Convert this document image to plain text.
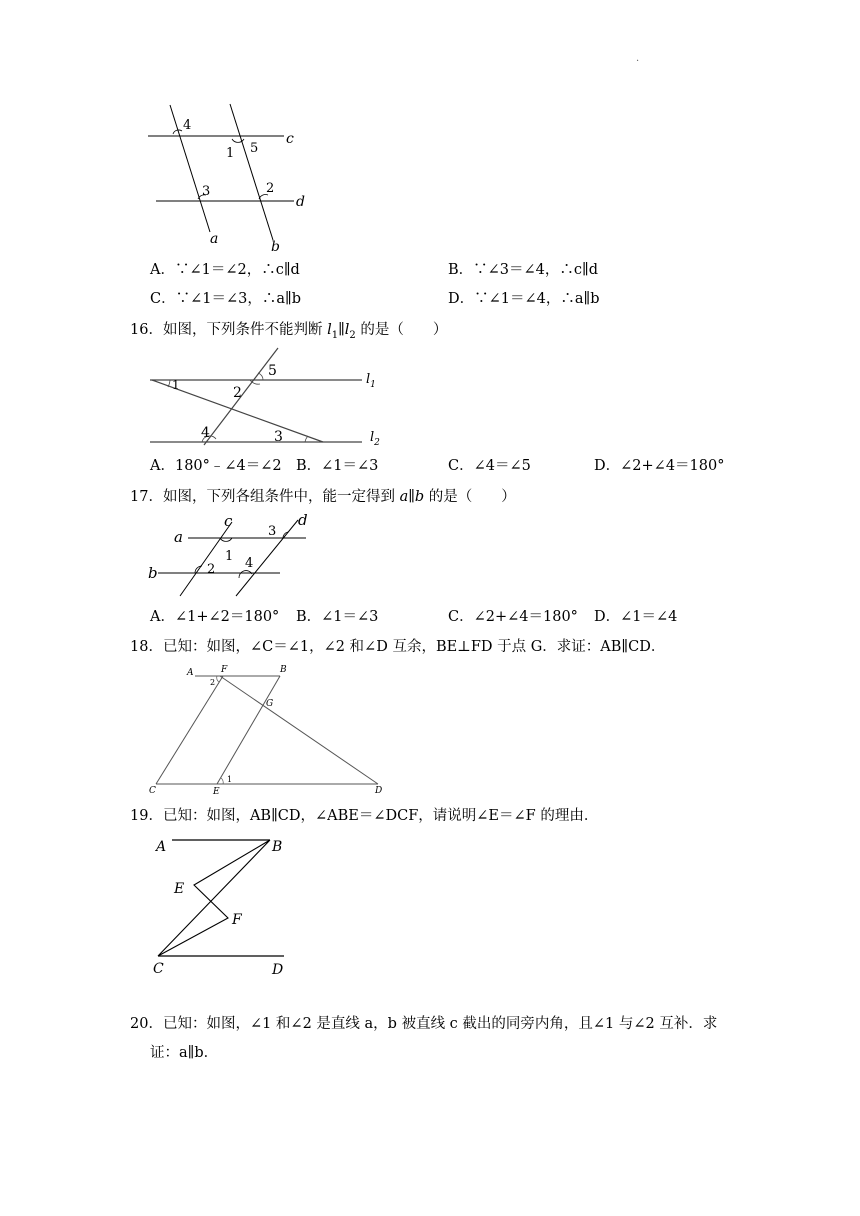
·
4
1 5
c
3	2
d
a	b
A．∵∠1＝∠2，∴c∥d	B．∵∠3＝∠4，∴c∥d
C．∵∠1＝∠3，∴a∥b	D．∵∠1＝∠4，∴a∥b
16．如图，下列条件不能判断 $l_1\parallel l_2$ 的是（　　）
1	2
5
4	3
$l_1$
$l_2$
A．180°﹣∠4＝∠2 B．∠1＝∠3	C．∠4＝∠5	D．∠2+∠4＝180°
17．如图，下列各组条件中，能一定得到 a∥b 的是（　　）
a
b
c	d
1
2
3
4
A．∠1+∠2＝180° B．∠1＝∠3	C．∠2+∠4＝180° D．∠1＝∠4
18．已知：如图，∠C＝∠1，∠2 和∠D 互余，BE⊥FD 于点 G．求证：AB∥CD．
A	F	B
2
G
C	E
1
D
19．已知：如图，AB∥CD，∠ABE＝∠DCF，请说明∠E＝∠F 的理由．
A	B
E
F
C	D
20．已知：如图，∠1 和∠2 是直线 a，b 被直线 c 截出的同旁内角，且∠1 与∠2 互补．求
证：a∥b．
